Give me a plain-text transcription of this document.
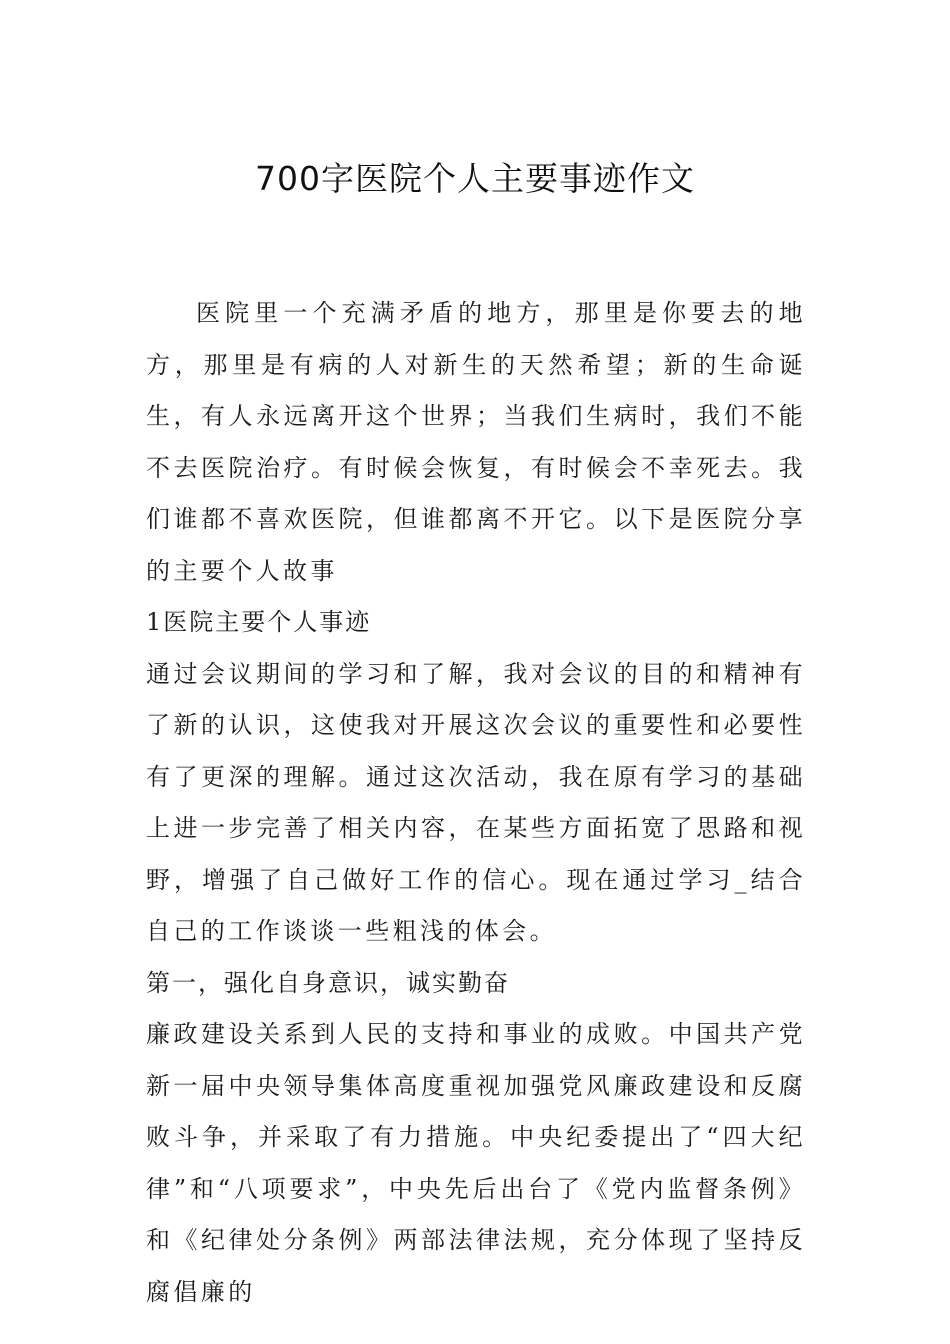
700字医院个人主要事迹作文

医院里一个充满矛盾的地方，那里是你要去的地方，那里是有病的人对新生的天然希望；新的生命诞生，有人永远离开这个世界；当我们生病时，我们不能不去医院治疗。有时候会恢复，有时候会不幸死去。我们谁都不喜欢医院，但谁都离不开它。以下是医院分享的主要个人故事

1医院主要个人事迹

通过会议期间的学习和了解，我对会议的目的和精神有了新的认识，这使我对开展这次会议的重要性和必要性有了更深的理解。通过这次活动，我在原有学习的基础上进一步完善了相关内容，在某些方面拓宽了思路和视野，增强了自己做好工作的信心。现在通过学习_结合自己的工作谈谈一些粗浅的体会。

第一，强化自身意识，诚实勤奋

廉政建设关系到人民的支持和事业的成败。中国共产党新一届中央领导集体高度重视加强党风廉政建设和反腐败斗争，并采取了有力措施。中央纪委提出了“四大纪律”和“八项要求”，中央先后出台了《党内监督条例》和《纪律处分条例》两部法律法规，充分体现了坚持反腐倡廉的
